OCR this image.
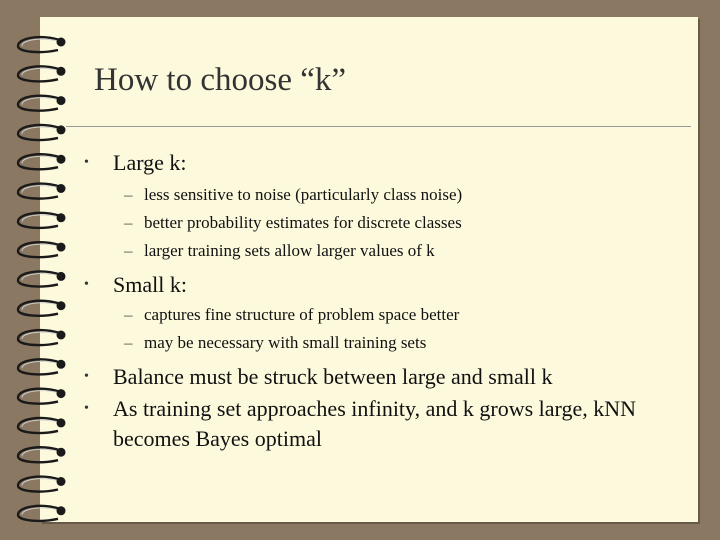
How to choose “k”
• Large k:
– less sensitive to noise (particularly class noise)
– better probability estimates for discrete classes
– larger training sets allow larger values of k
• Small k:
– captures fine structure of problem space better
– may be necessary with small training sets
• Balance must be struck between large and small k
• As training set approaches infinity, and k grows large, kNN
becomes Bayes optimal
